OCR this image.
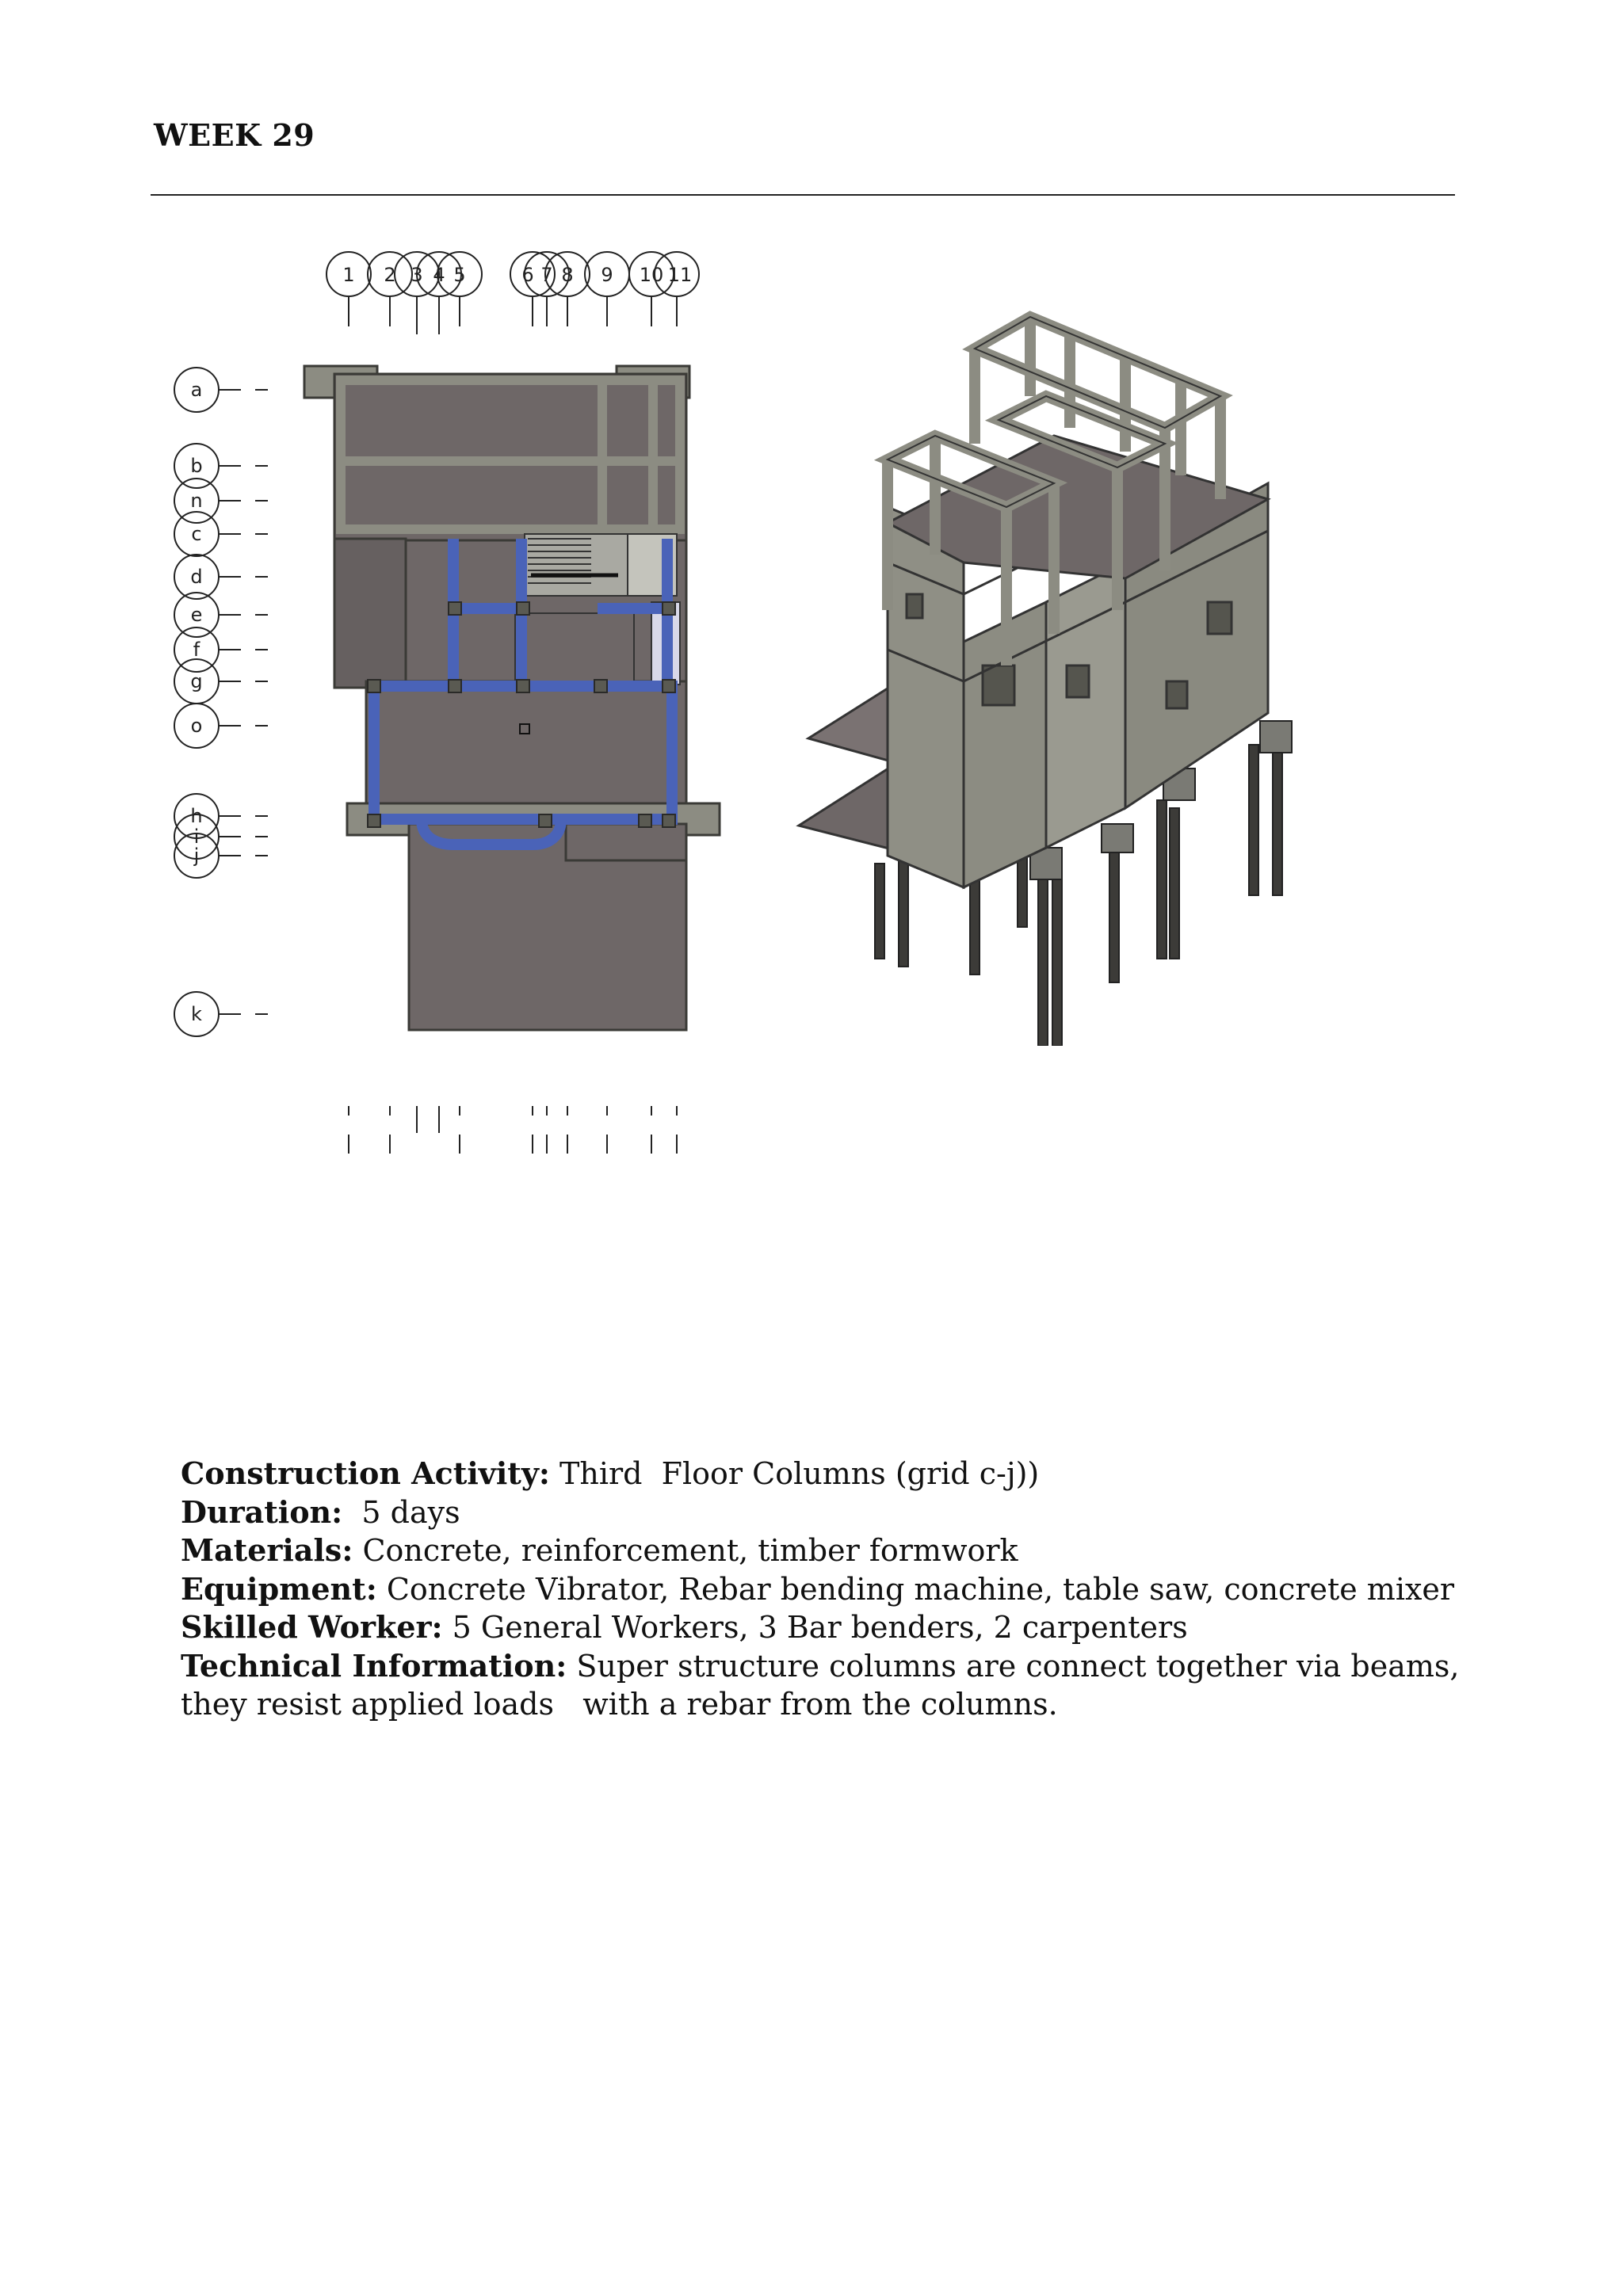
WEEK 29
1 2 3 4 5	6 7 8 9 10 11
a
b
n
c
d
e
f
g
o
h
i
j
k
Construction Activity: Third  Floor Columns (grid c-j))
Duration:  5 days
Materials: Concrete, reinforcement, timber formwork
Equipment: Concrete Vibrator, Rebar bending machine, table saw, concrete mixer
Skilled Worker: 5 General Workers, 3 Bar benders, 2 carpenters
Technical Information: Super structure columns are connect together via beams, they resist applied loads   with a rebar from the columns.
